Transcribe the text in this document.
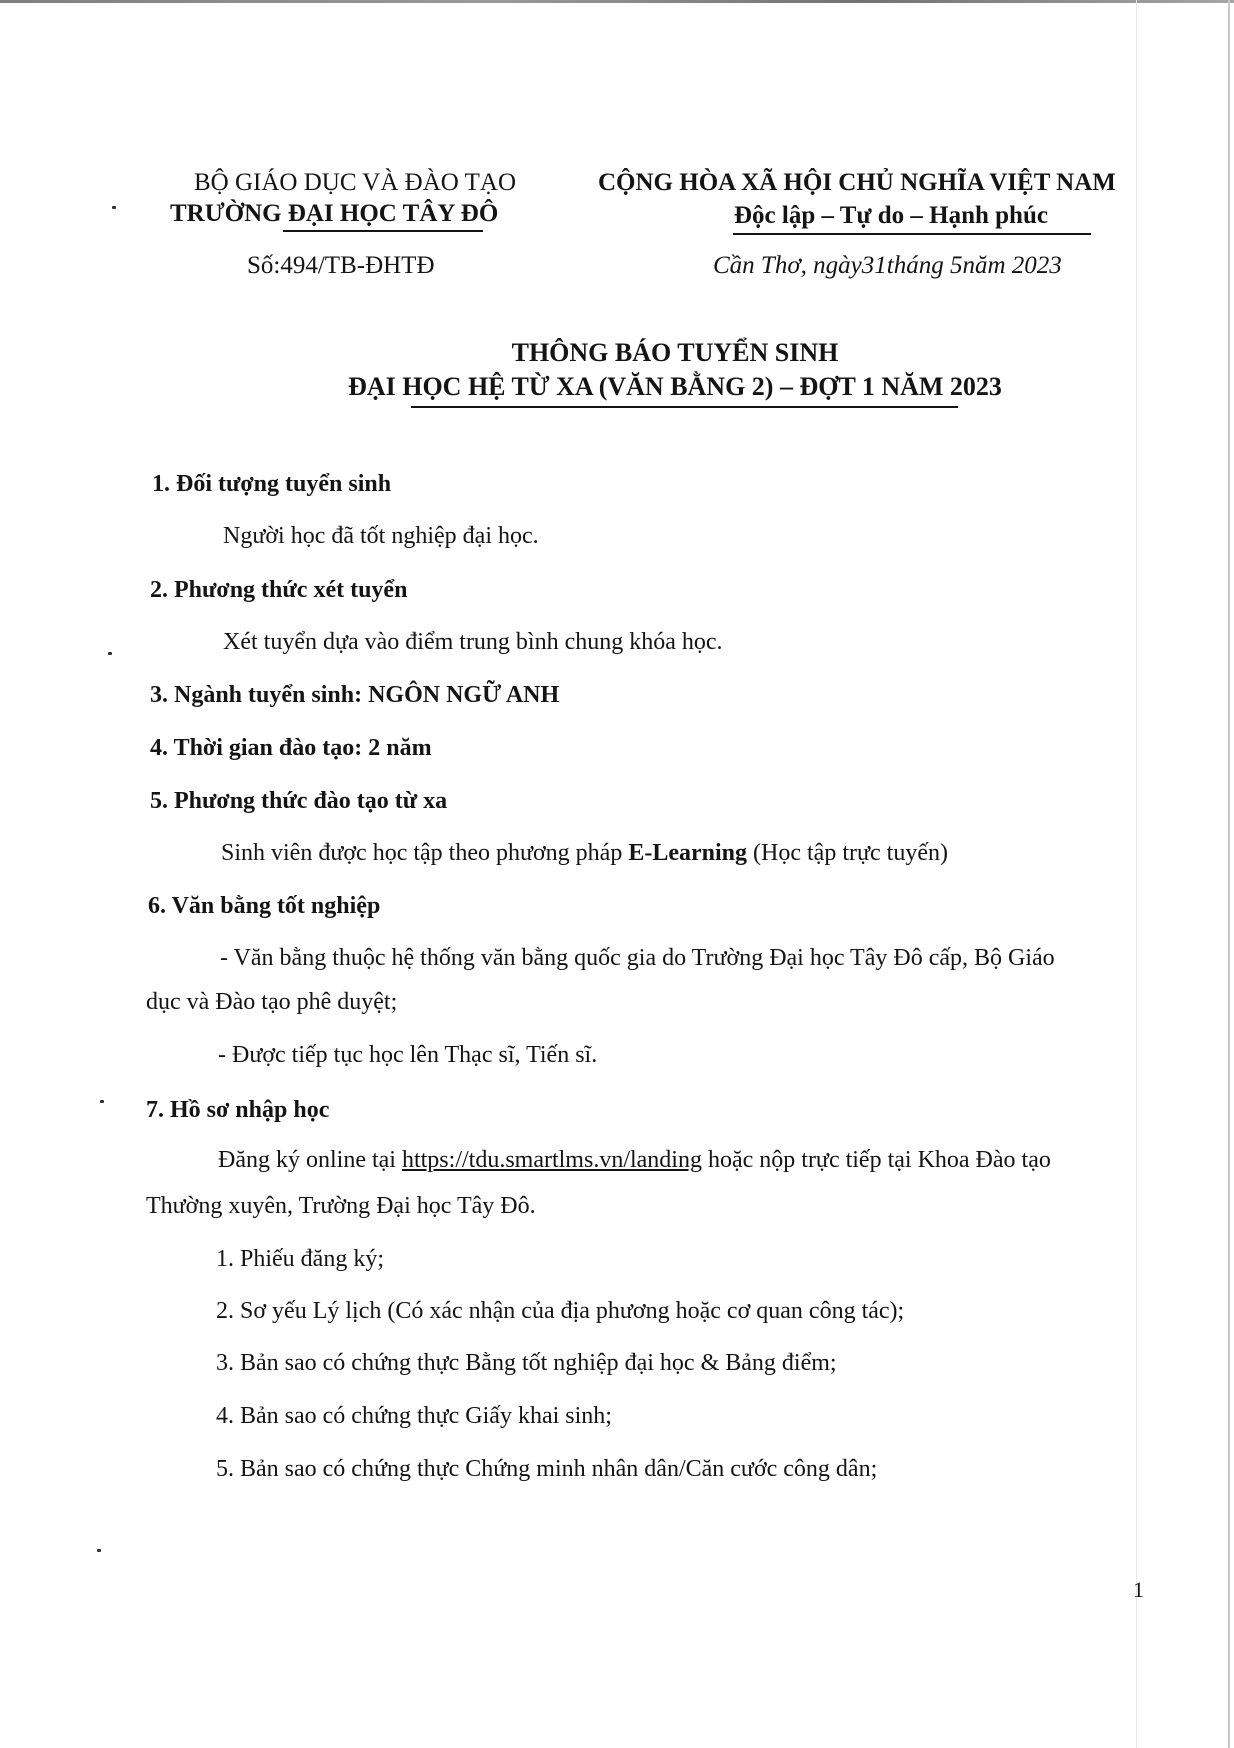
BỘ GIÁO DỤC VÀ ĐÀO TẠO
TRƯỜNG ĐẠI HỌC TÂY ĐÔ
CỘNG HÒA XÃ HỘI CHỦ NGHĨA VIỆT NAM
Độc lập – Tự do – Hạnh phúc
Số:494/TB-ĐHTĐ	Cần Thơ, ngày31tháng 5năm 2023
THÔNG BÁO TUYỂN SINH
ĐẠI HỌC HỆ TỪ XA (VĂN BẰNG 2) – ĐỢT 1 NĂM 2023
1. Đối tượng tuyển sinh
Người học đã tốt nghiệp đại học.
2. Phương thức xét tuyển
Xét tuyển dựa vào điểm trung bình chung khóa học.
3. Ngành tuyển sinh: NGÔN NGỮ ANH
4. Thời gian đào tạo: 2 năm
5. Phương thức đào tạo từ xa
Sinh viên được học tập theo phương pháp E-Learning (Học tập trực tuyến)
6. Văn bằng tốt nghiệp
- Văn bằng thuộc hệ thống văn bằng quốc gia do Trường Đại học Tây Đô cấp, Bộ Giáo
dục và Đào tạo phê duyệt;
- Được tiếp tục học lên Thạc sĩ, Tiến sĩ.
7. Hồ sơ nhập học
Đăng ký online tại https://tdu.smartlms.vn/landing hoặc nộp trực tiếp tại Khoa Đào tạo
Thường xuyên, Trường Đại học Tây Đô.
1. Phiếu đăng ký;
2. Sơ yếu Lý lịch (Có xác nhận của địa phương hoặc cơ quan công tác);
3. Bản sao có chứng thực Bằng tốt nghiệp đại học & Bảng điểm;
4. Bản sao có chứng thực Giấy khai sinh;
5. Bản sao có chứng thực Chứng minh nhân dân/Căn cước công dân;
1
